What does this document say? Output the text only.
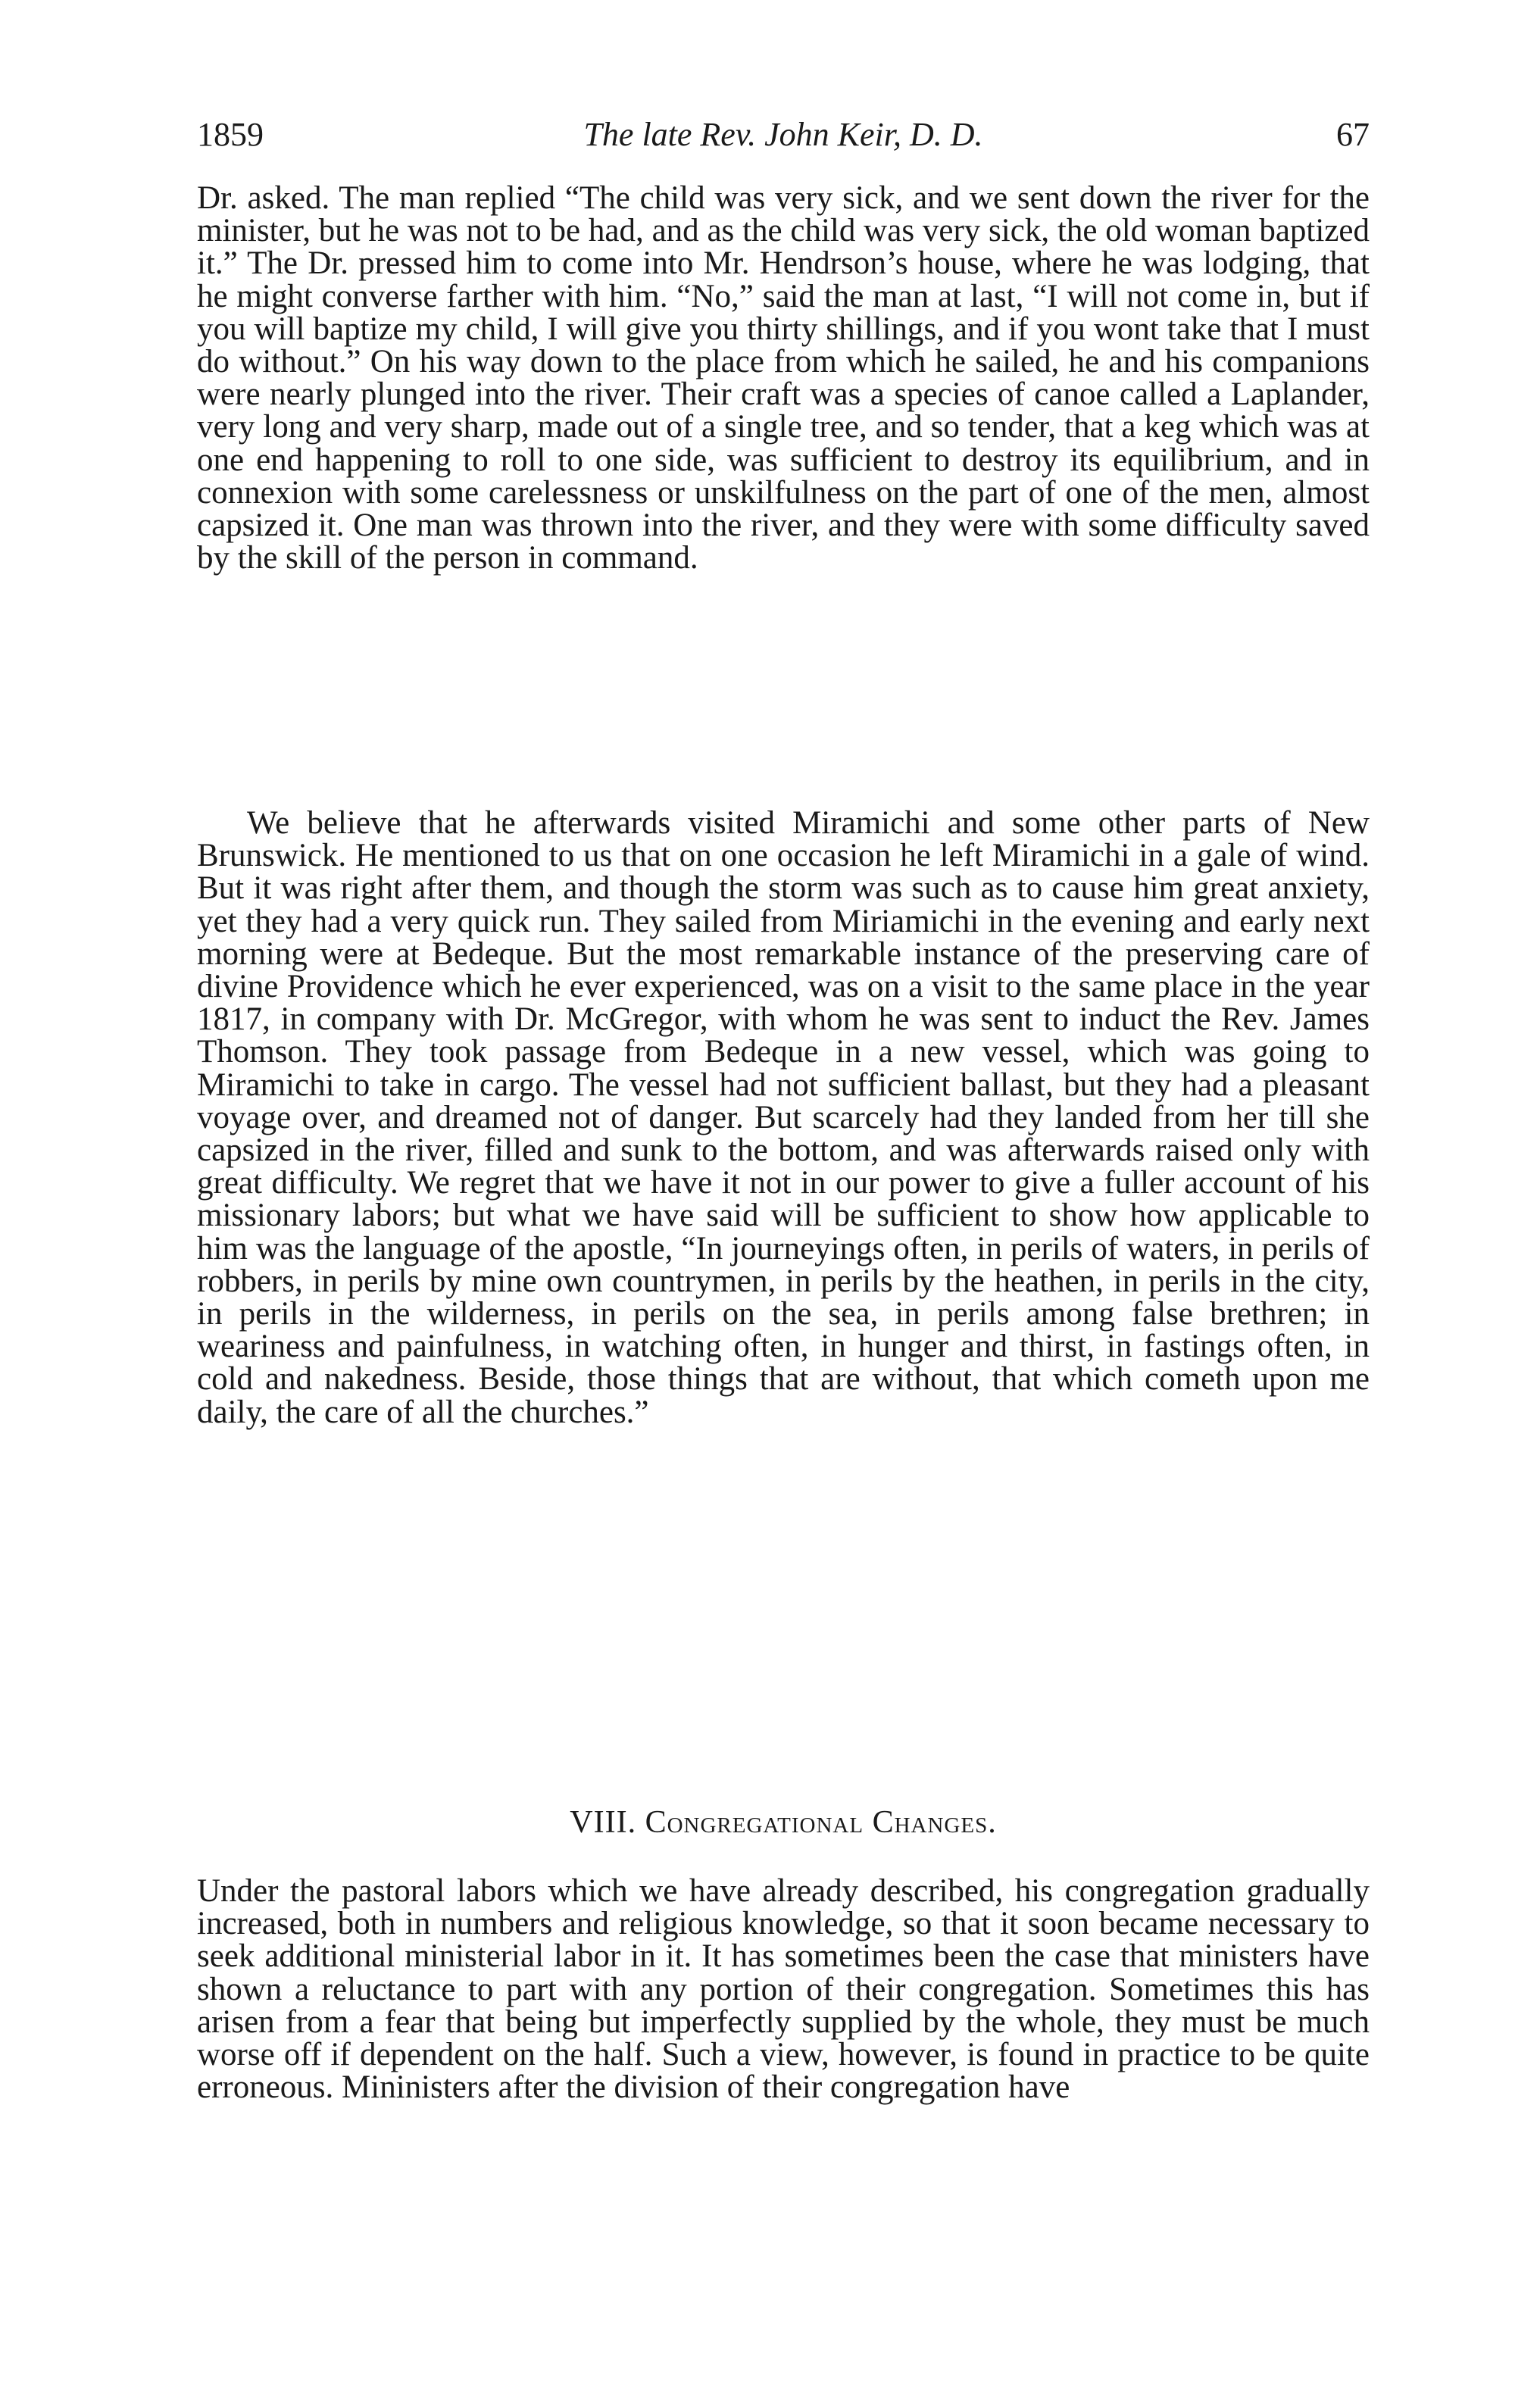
1859	The late Rev. John Keir, D. D.	67
Dr. asked. The man replied “The child was very sick, and we sent down the river for the minister, but he was not to be had, and as the child was very sick, the old woman baptized it.” The Dr. pressed him to come into Mr. Hendrson’s house, where he was lodging, that he might converse farther with him. “No,” said the man at last, “I will not come in, but if you will baptize my child, I will give you thirty shillings, and if you wont take that I must do without.” On his way down to the place from which he sailed, he and his companions were nearly plunged into the river. Their craft was a species of canoe called a Laplander, very long and very sharp, made out of a single tree, and so tender, that a keg which was at one end happening to roll to one side, was sufficient to destroy its equilibrium, and in connexion with some carelessness or unskilfulness on the part of one of the men, almost capsized it. One man was thrown into the river, and they were with some difficulty saved by the skill of the person in command.
We believe that he afterwards visited Miramichi and some other parts of New Brunswick. He mentioned to us that on one occasion he left Miramichi in a gale of wind. But it was right after them, and though the storm was such as to cause him great anxiety, yet they had a very quick run. They sailed from Miriamichi in the evening and early next morning were at Bedeque. But the most remarkable instance of the preserving care of divine Providence which he ever experienced, was on a visit to the same place in the year 1817, in company with Dr. McGregor, with whom he was sent to induct the Rev. James Thomson. They took passage from Bedeque in a new vessel, which was going to Miramichi to take in cargo. The vessel had not sufficient ballast, but they had a pleasant voyage over, and dreamed not of danger. But scarcely had they landed from her till she capsized in the river, filled and sunk to the bottom, and was afterwards raised only with great difficulty. We regret that we have it not in our power to give a fuller account of his missionary labors; but what we have said will be sufficient to show how applicable to him was the language of the apostle, “In journeyings often, in perils of waters, in perils of robbers, in perils by mine own countrymen, in perils by the heathen, in perils in the city, in perils in the wilderness, in perils on the sea, in perils among false brethren; in weariness and painfulness, in watching often, in hunger and thirst, in fastings often, in cold and nakedness. Beside, those things that are without, that which cometh upon me daily, the care of all the churches.”
VIII. Congregational Changes.
Under the pastoral labors which we have already described, his congregation gradually increased, both in numbers and religious knowledge, so that it soon became necessary to seek additional ministerial labor in it. It has sometimes been the case that ministers have shown a reluctance to part with any portion of their congregation. Sometimes this has arisen from a fear that being but imperfectly supplied by the whole, they must be much worse off if dependent on the half. Such a view, however, is found in practice to be quite erroneous. Mininisters after the division of their congregation have
